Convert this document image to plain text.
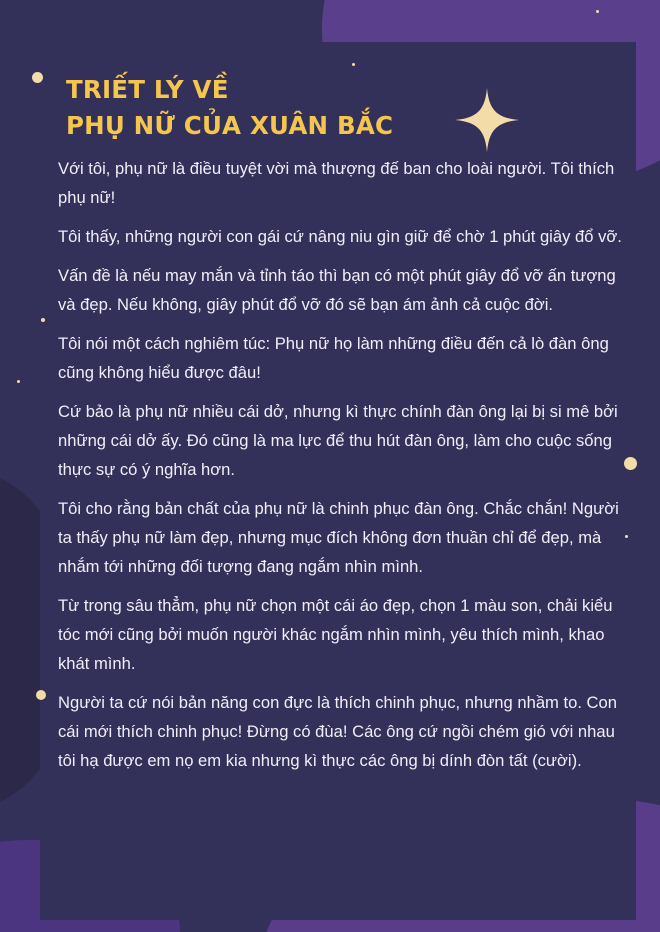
TRIẾT LÝ VỀ
PHỤ NỮ CỦA XUÂN BẮC

Với tôi, phụ nữ là điều tuyệt vời mà thượng đế ban cho loài người. Tôi thích phụ nữ!

Tôi thấy, những người con gái cứ nâng niu gìn giữ để chờ 1 phút giây đổ vỡ.

Vấn đề là nếu may mắn và tỉnh táo thì bạn có một phút giây đổ vỡ ấn tượng và đẹp. Nếu không, giây phút đổ vỡ đó sẽ bạn ám ảnh cả cuộc đời.

Tôi nói một cách nghiêm túc: Phụ nữ họ làm những điều đến cả lò đàn ông cũng không hiểu được đâu!

Cứ bảo là phụ nữ nhiều cái dở, nhưng kì thực chính đàn ông lại bị si mê bởi những cái dở ấy. Đó cũng là ma lực để thu hút đàn ông, làm cho cuộc sống thực sự có ý nghĩa hơn.

Tôi cho rằng bản chất của phụ nữ là chinh phục đàn ông. Chắc chắn! Người ta thấy phụ nữ làm đẹp, nhưng mục đích không đơn thuần chỉ để đẹp, mà nhắm tới những đối tượng đang ngắm nhìn mình.

Từ trong sâu thẳm, phụ nữ chọn một cái áo đẹp, chọn 1 màu son, chải kiểu tóc mới cũng bởi muốn người khác ngắm nhìn mình, yêu thích mình, khao khát mình.

Người ta cứ nói bản năng con đực là thích chinh phục, nhưng nhầm to. Con cái mới thích chinh phục! Đừng có đùa! Các ông cứ ngồi chém gió với nhau tôi hạ được em nọ em kia nhưng kì thực các ông bị dính đòn tất (cười).
